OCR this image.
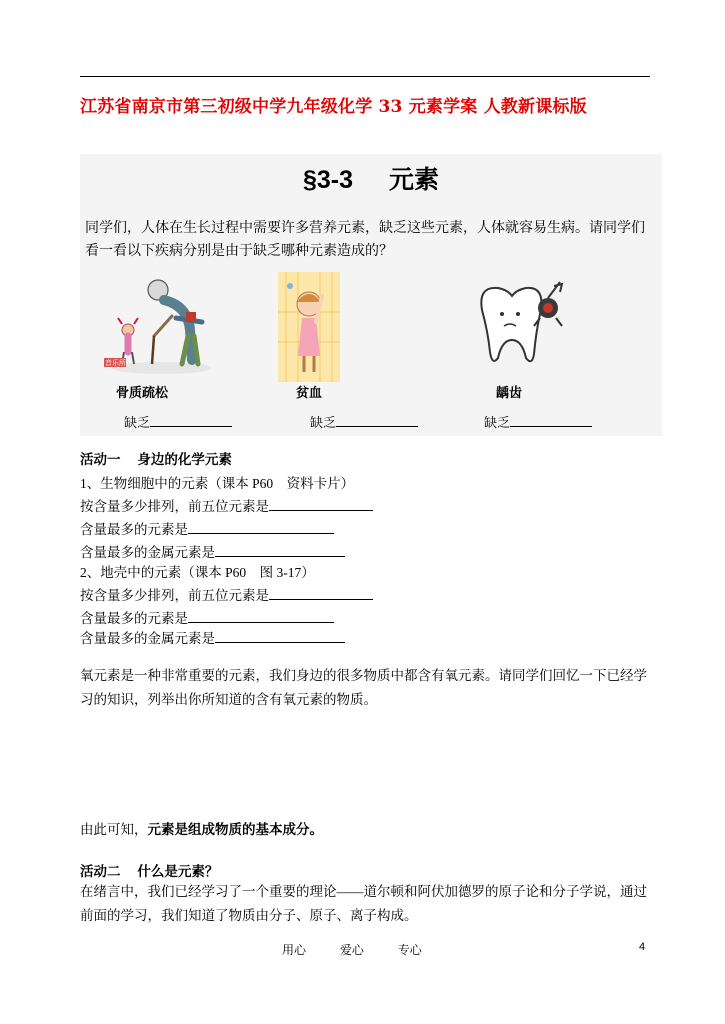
江苏省南京市第三初级中学九年级化学 33 元素学案 人教新课标版
§3-3 元素
同学们，人体在生长过程中需要许多营养元素，缺乏这些元素，人体就容易生病。请同学们看一看以下疾病分别是由于缺乏哪种元素造成的？
音乐所
骨质疏松	贫血	龋齿
缺乏	缺乏	缺乏
活动一　 身边的化学元素
1、生物细胞中的元素（课本 P60　资料卡片）
按含量多少排列，前五位元素是
含量最多的元素是
含量最多的金属元素是
2、地壳中的元素（课本 P60　图 3-17）
按含量多少排列，前五位元素是
含量最多的元素是
含量最多的金属元素是
氧元素是一种非常重要的元素，我们身边的很多物质中都含有氧元素。请同学们回忆一下已经学习的知识，列举出你所知道的含有氧元素的物质。
由此可知，元素是组成物质的基本成分。
活动二　 什么是元素？
在绪言中，我们已经学习了一个重要的理论——道尔顿和阿伏加德罗的原子论和分子学说，通过前面的学习，我们知道了物质由分子、原子、离子构成。
用心	爱心	专心	4
